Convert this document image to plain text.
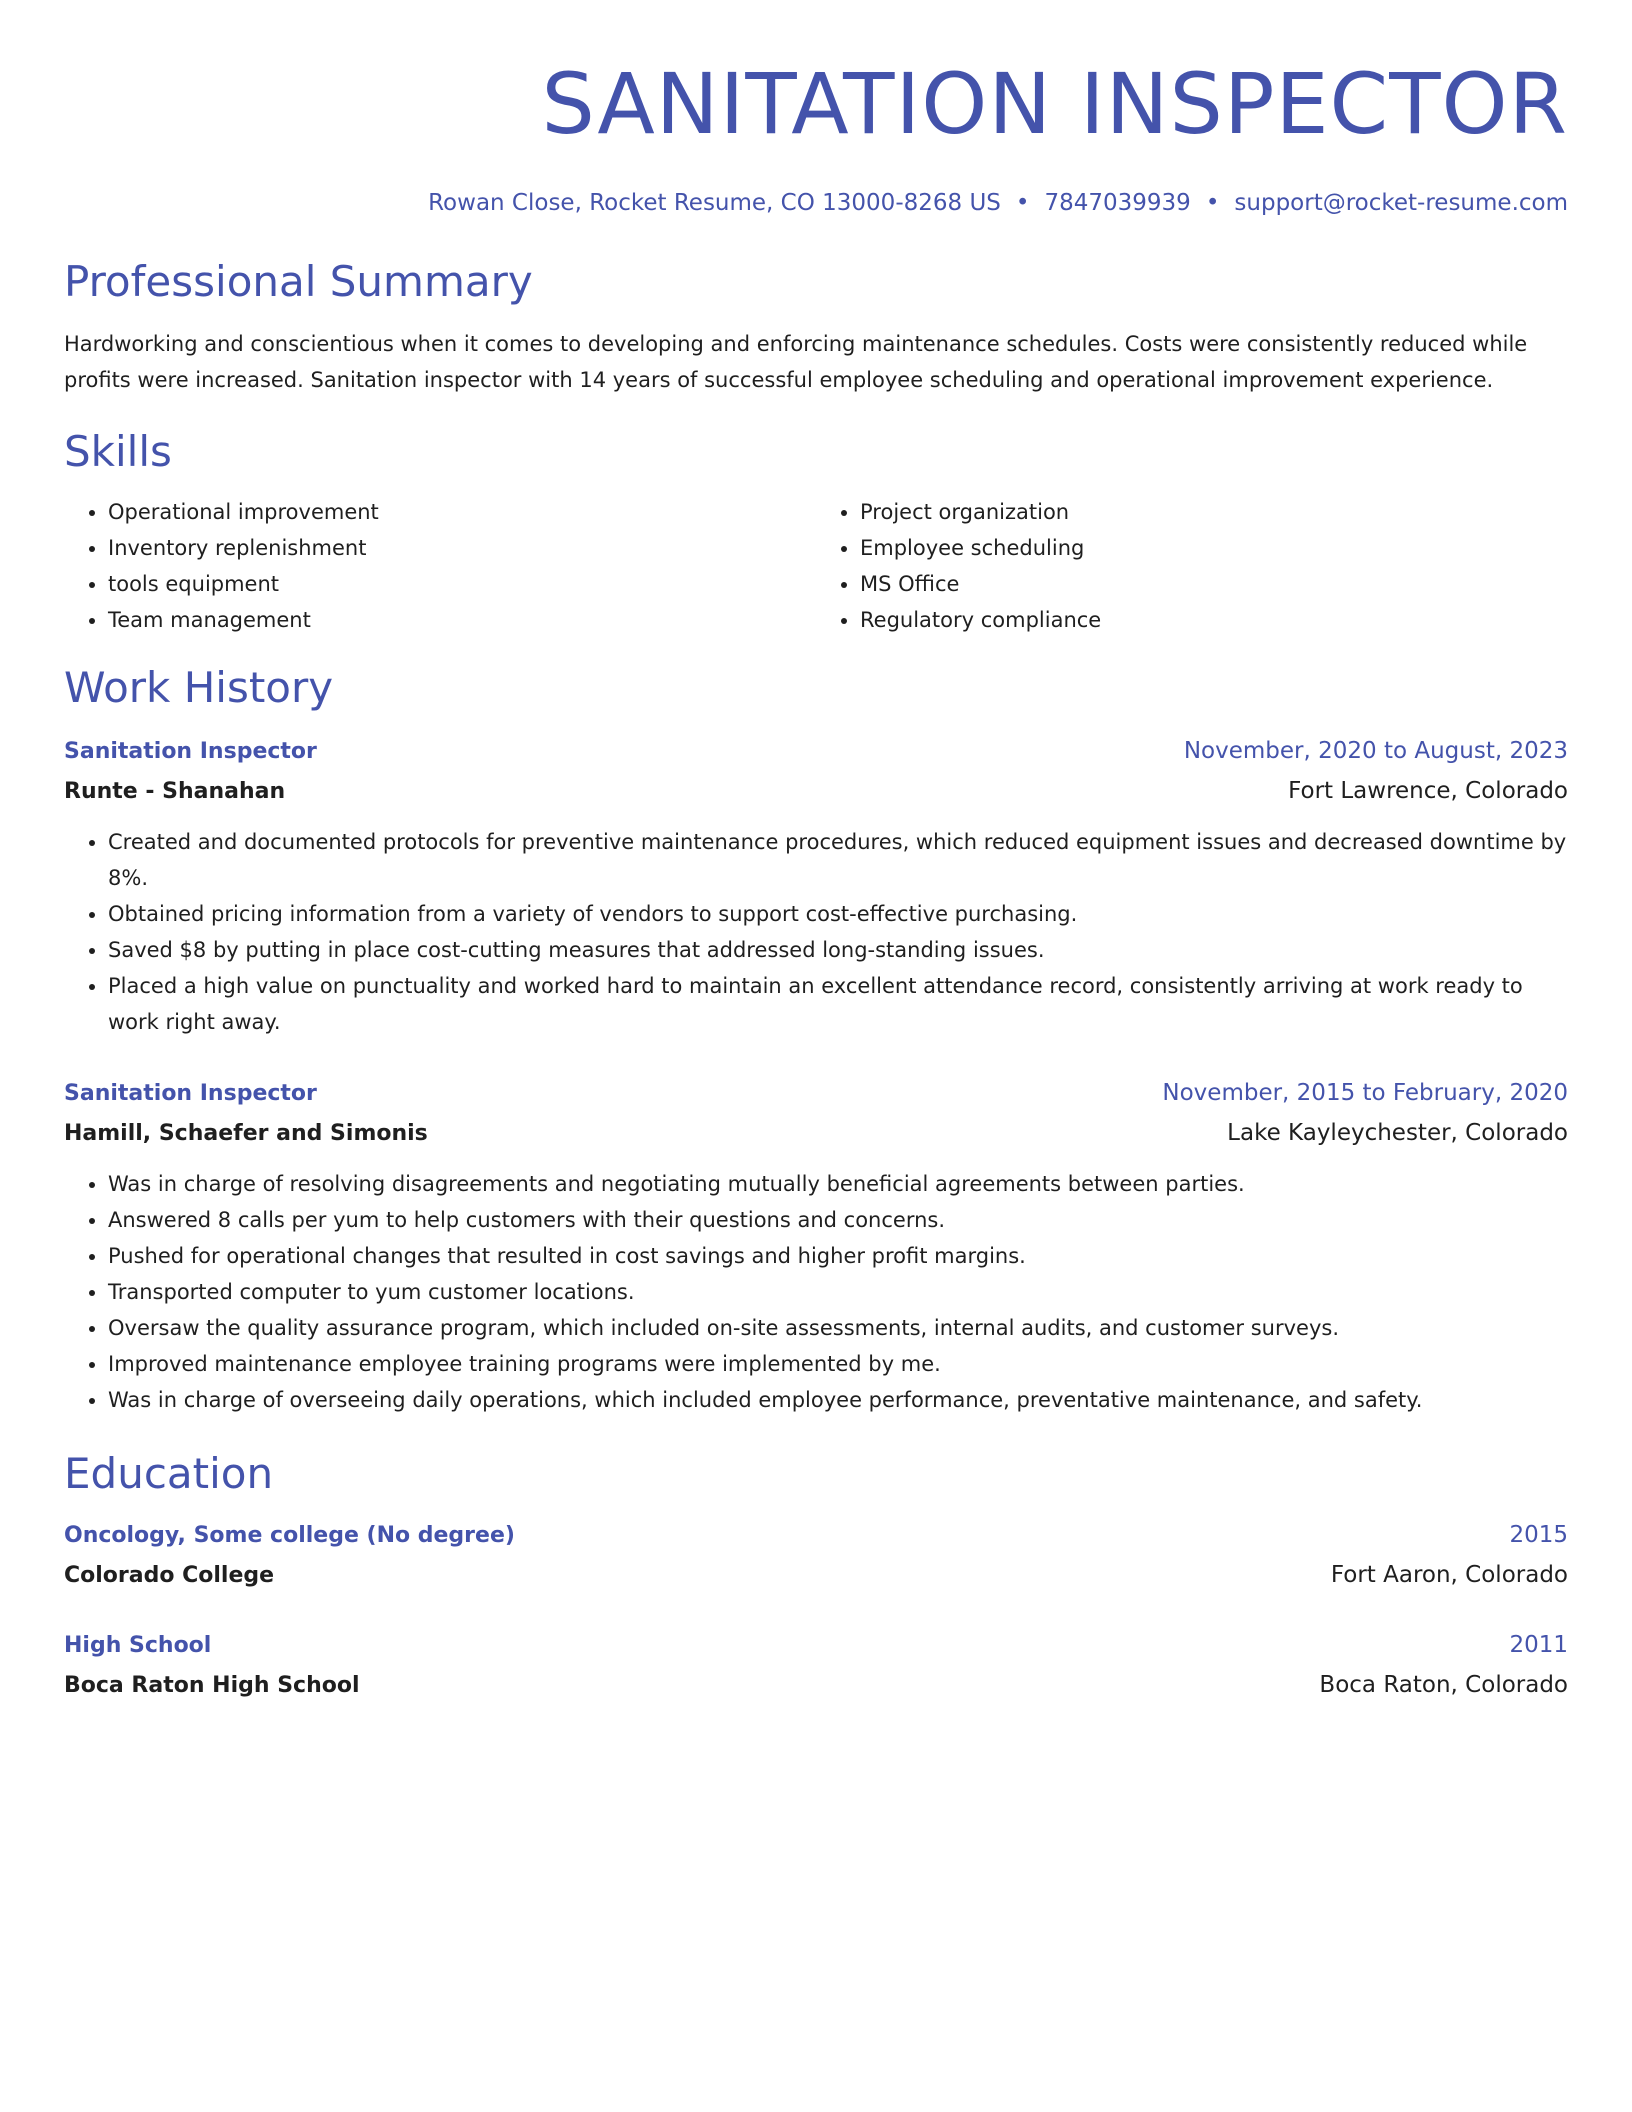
SANITATION INSPECTOR
Rowan Close, Rocket Resume, CO 13000-8268 US • 7847039939 • support@rocket-resume.com
Professional Summary
Hardworking and conscientious when it comes to developing and enforcing maintenance schedules. Costs were consistently reduced while profits were increased. Sanitation inspector with 14 years of successful employee scheduling and operational improvement experience.
Skills
• Operational improvement
• Inventory replenishment
• tools equipment
• Team management
• Project organization
• Employee scheduling
• MS Office
• Regulatory compliance
Work History
Sanitation Inspector	November, 2020 to August, 2023
Runte - Shanahan	Fort Lawrence, Colorado
• Created and documented protocols for preventive maintenance procedures, which reduced equipment issues and decreased downtime by 8%.
• Obtained pricing information from a variety of vendors to support cost-effective purchasing.
• Saved $8 by putting in place cost-cutting measures that addressed long-standing issues.
• Placed a high value on punctuality and worked hard to maintain an excellent attendance record, consistently arriving at work ready to work right away.
Sanitation Inspector	November, 2015 to February, 2020
Hamill, Schaefer and Simonis	Lake Kayleychester, Colorado
• Was in charge of resolving disagreements and negotiating mutually beneficial agreements between parties.
• Answered 8 calls per yum to help customers with their questions and concerns.
• Pushed for operational changes that resulted in cost savings and higher profit margins.
• Transported computer to yum customer locations.
• Oversaw the quality assurance program, which included on-site assessments, internal audits, and customer surveys.
• Improved maintenance employee training programs were implemented by me.
• Was in charge of overseeing daily operations, which included employee performance, preventative maintenance, and safety.
Education
Oncology, Some college (No degree)	2015
Colorado College	Fort Aaron, Colorado
High School	2011
Boca Raton High School	Boca Raton, Colorado
